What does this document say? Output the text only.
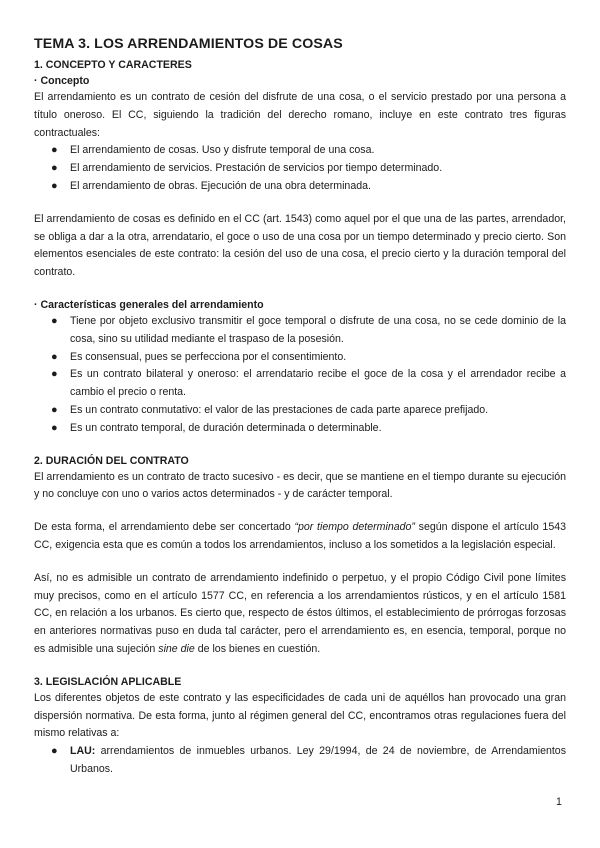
TEMA 3. LOS ARRENDAMIENTOS DE COSAS
1. CONCEPTO Y CARACTERES
· Concepto

El arrendamiento es un contrato de cesión del disfrute de una cosa, o el servicio prestado por una persona a título oneroso. El CC, siguiendo la tradición del derecho romano, incluye en este contrato tres figuras contractuales:

● El arrendamiento de cosas. Uso y disfrute temporal de una cosa.
● El arrendamiento de servicios. Prestación de servicios por tiempo determinado.
● El arrendamiento de obras. Ejecución de una obra determinada.

El arrendamiento de cosas es definido en el CC (art. 1543) como aquel por el que una de las partes, arrendador, se obliga a dar a la otra, arrendatario, el goce o uso de una cosa por un tiempo determinado y precio cierto. Son elementos esenciales de este contrato: la cesión del uso de una cosa, el precio cierto y la duración temporal del contrato.

· Características generales del arrendamiento
● Tiene por objeto exclusivo transmitir el goce temporal o disfrute de una cosa, no se cede dominio de la cosa, sino su utilidad mediante el traspaso de la posesión.
● Es consensual, pues se perfecciona por el consentimiento.
● Es un contrato bilateral y oneroso: el arrendatario recibe el goce de la cosa y el arrendador recibe a cambio el precio o renta.
● Es un contrato conmutativo: el valor de las prestaciones de cada parte aparece prefijado.
● Es un contrato temporal, de duración determinada o determinable.
2. DURACIÓN DEL CONTRATO

El arrendamiento es un contrato de tracto sucesivo - es decir, que se mantiene en el tiempo durante su ejecución y no concluye con uno o varios actos determinados - y de carácter temporal.

De esta forma, el arrendamiento debe ser concertado “por tiempo determinado” según dispone el artículo 1543 CC, exigencia esta que es común a todos los arrendamientos, incluso a los sometidos a la legislación especial.

Así, no es admisible un contrato de arrendamiento indefinido o perpetuo, y el propio Código Civil pone límites muy precisos, como en el artículo 1577 CC, en referencia a los arrendamientos rústicos, y en el artículo 1581 CC, en relación a los urbanos. Es cierto que, respecto de éstos últimos, el establecimiento de prórrogas forzosas en anteriores normativas puso en duda tal carácter, pero el arrendamiento es, en esencia, temporal, porque no es admisible una sujeción sine die de los bienes en cuestión.

3. LEGISLACIÓN APLICABLE

Los diferentes objetos de este contrato y las especificidades de cada uni de aquéllos han provocado una gran dispersión normativa. De esta forma, junto al régimen general del CC, encontramos otras regulaciones fuera del mismo relativas a:

● LAU: arrendamientos de inmuebles urbanos. Ley 29/1994, de 24 de noviembre, de Arrendamientos Urbanos.
1
